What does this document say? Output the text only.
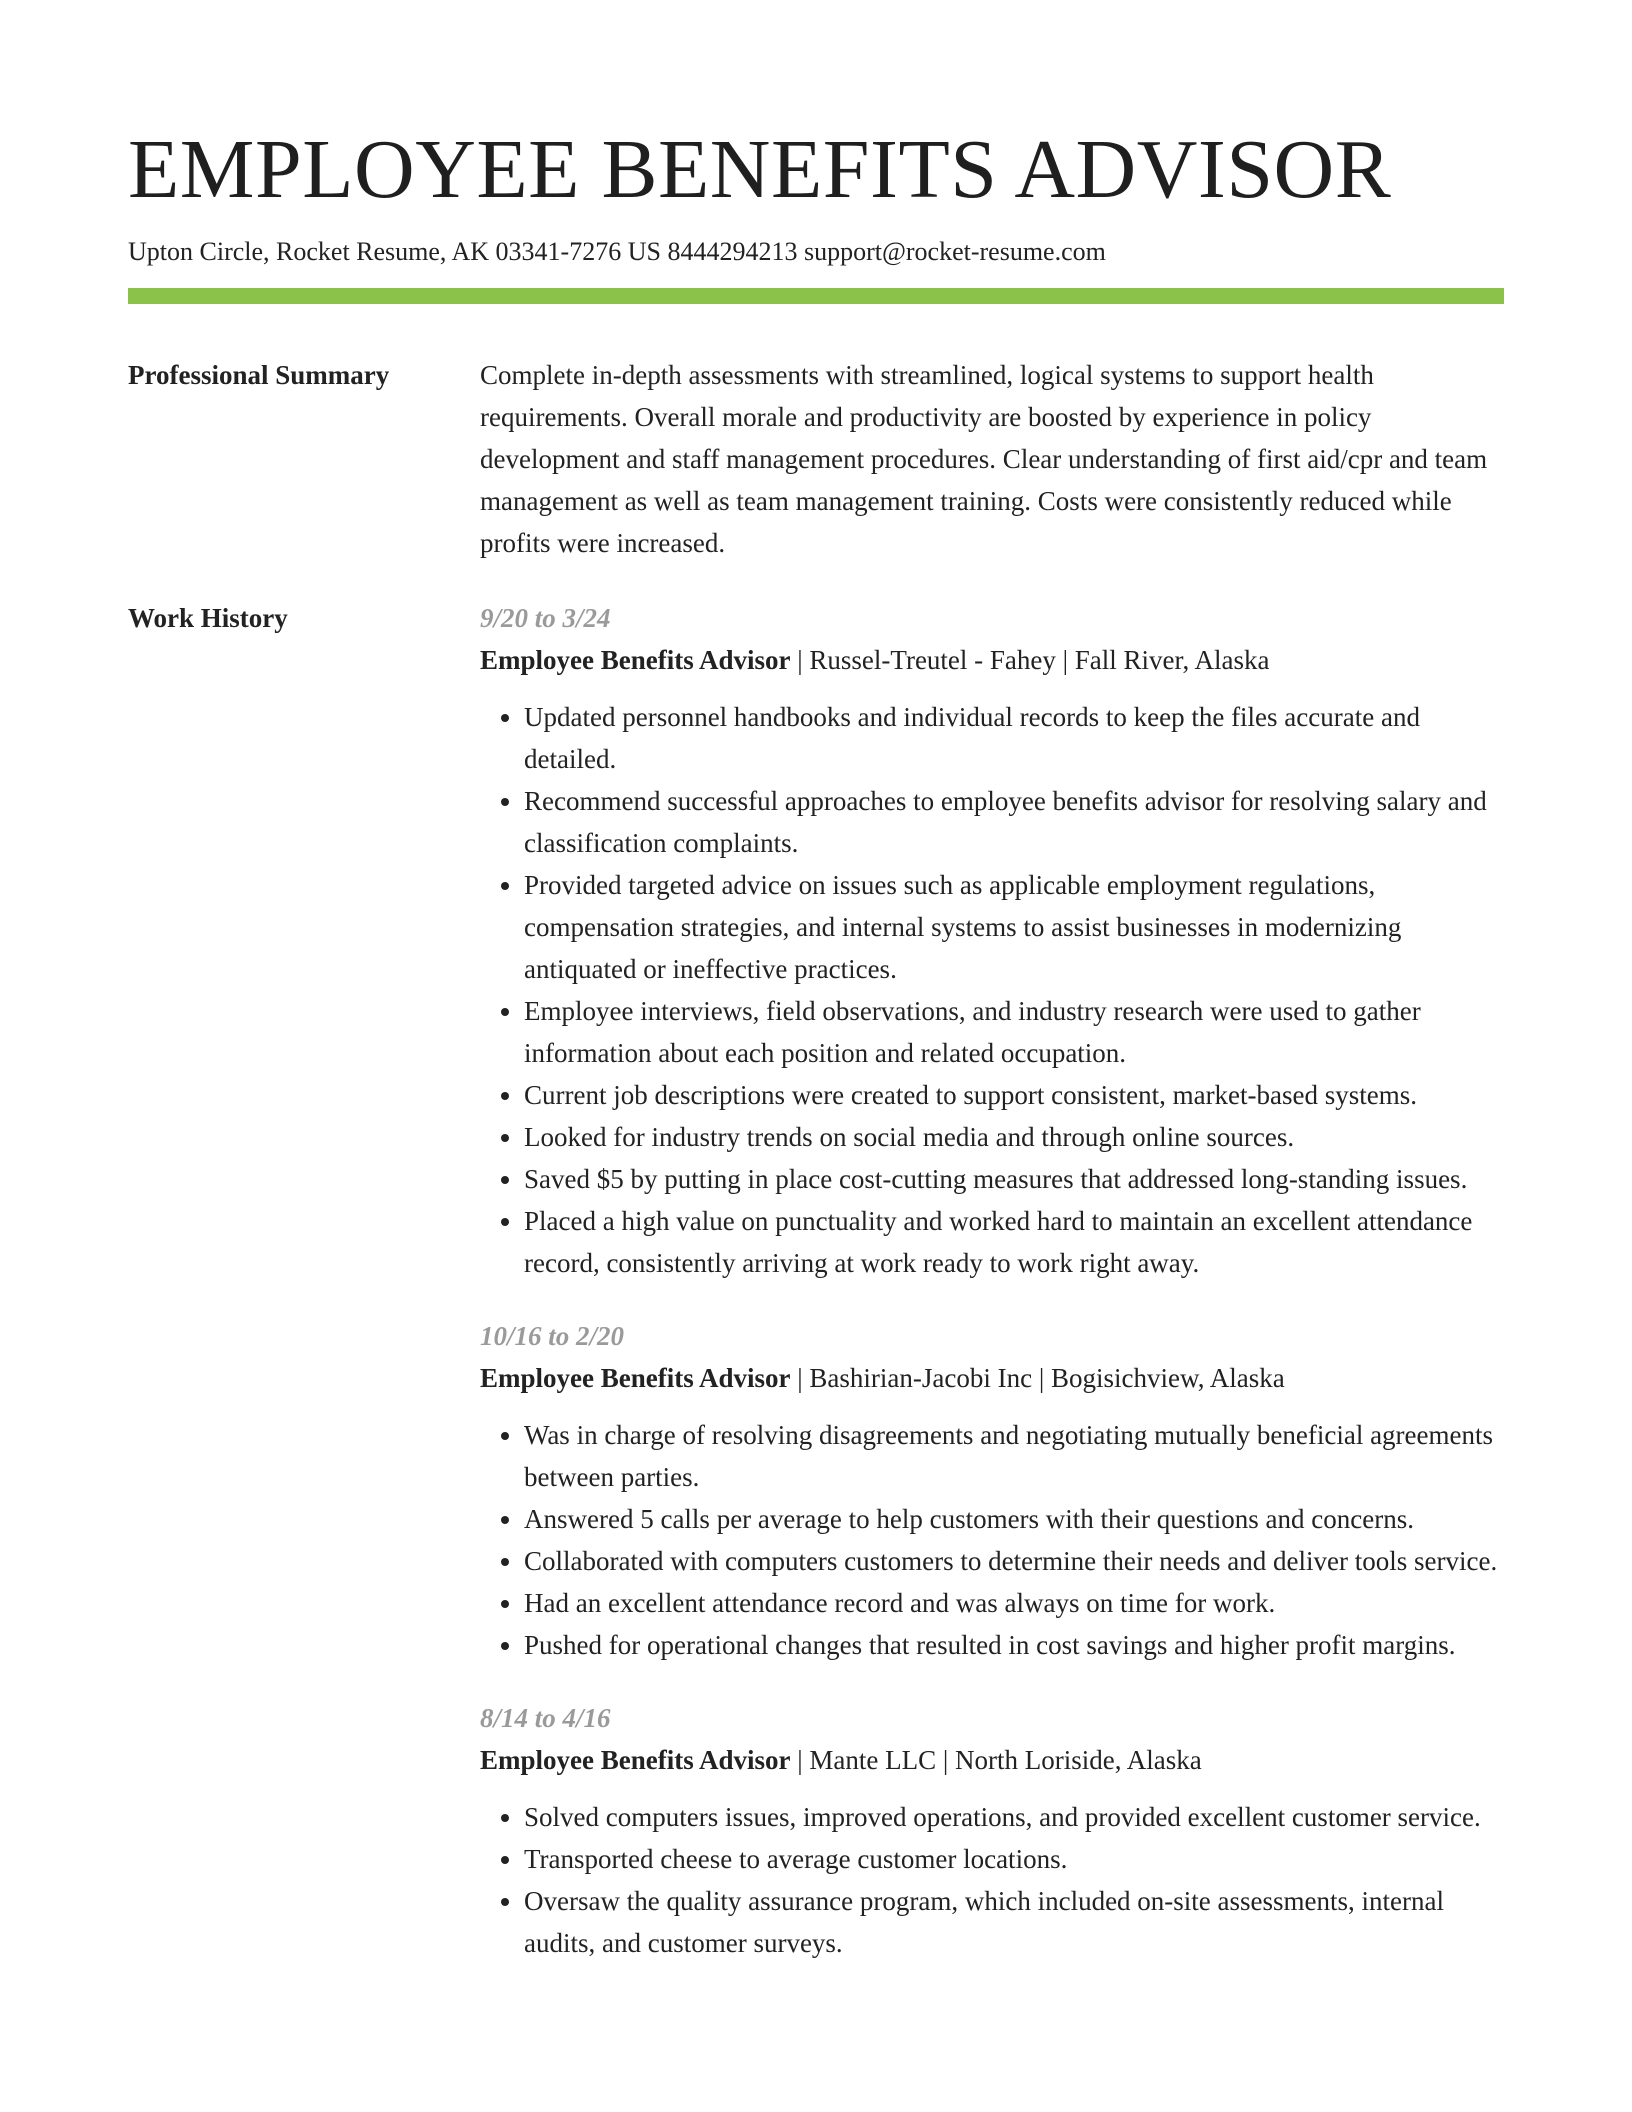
EMPLOYEE BENEFITS ADVISOR
Upton Circle, Rocket Resume, AK 03341-7276 US 8444294213 support@rocket-resume.com
Professional Summary	Complete in-depth assessments with streamlined, logical systems to support health requirements. Overall morale and productivity are boosted by experience in policy development and staff management procedures. Clear understanding of first aid/cpr and team management as well as team management training. Costs were consistently reduced while profits were increased.

Work History	9/20 to 3/24
Employee Benefits Advisor | Russel-Treutel - Fahey | Fall River, Alaska
• Updated personnel handbooks and individual records to keep the files accurate and detailed.
• Recommend successful approaches to employee benefits advisor for resolving salary and classification complaints.
• Provided targeted advice on issues such as applicable employment regulations, compensation strategies, and internal systems to assist businesses in modernizing antiquated or ineffective practices.
• Employee interviews, field observations, and industry research were used to gather information about each position and related occupation.
• Current job descriptions were created to support consistent, market-based systems.
• Looked for industry trends on social media and through online sources.
• Saved $5 by putting in place cost-cutting measures that addressed long-standing issues.
• Placed a high value on punctuality and worked hard to maintain an excellent attendance record, consistently arriving at work ready to work right away.
10/16 to 2/20
Employee Benefits Advisor | Bashirian-Jacobi Inc | Bogisichview, Alaska
• Was in charge of resolving disagreements and negotiating mutually beneficial agreements between parties.
• Answered 5 calls per average to help customers with their questions and concerns.
• Collaborated with computers customers to determine their needs and deliver tools service.
• Had an excellent attendance record and was always on time for work.
• Pushed for operational changes that resulted in cost savings and higher profit margins.
8/14 to 4/16
Employee Benefits Advisor | Mante LLC | North Loriside, Alaska
• Solved computers issues, improved operations, and provided excellent customer service.
• Transported cheese to average customer locations.
• Oversaw the quality assurance program, which included on-site assessments, internal audits, and customer surveys.
